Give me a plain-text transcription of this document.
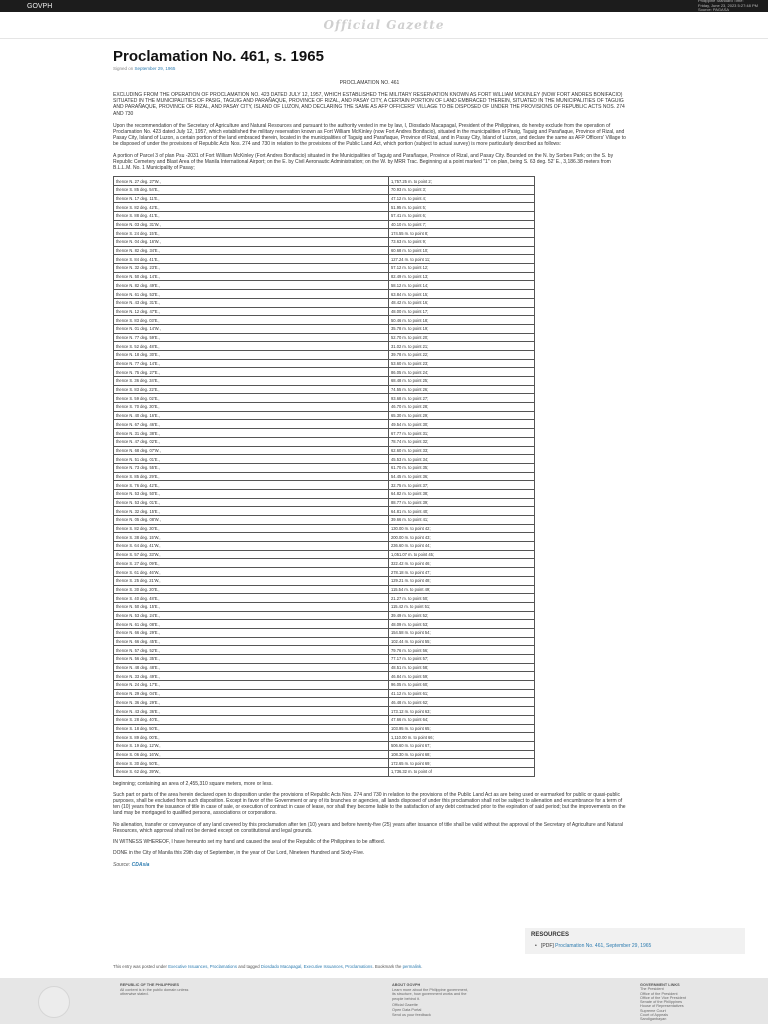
GOVPH
Philippine Standard Time:
Friday, June 23, 2023 5:27:48 PM
Source: PAGASA
Official Gazette
Proclamation No. 461, s. 1965
Signed on September 29, 1965
PROCLAMATION NO. 461

EXCLUDING FROM THE OPERATION OF PROCLAMATION NO. 423 DATED JULY 12, 1957, WHICH ESTABLISHED THE MILITARY RESERVATION KNOWN AS FORT WILLIAM MCKINLEY (NOW FORT ANDRES BONIFACIO) SITUATED IN THE MUNICIPALITIES OF PASIG, TAGUIG AND PARAÑAQUE, PROVINCE OF RIZAL, AND PASAY CITY, A CERTAIN PORTION OF LAND EMBRACED THEREIN, SITUATED IN THE MUNICIPALITIES OF TAGUIG AND PARAÑAQUE, PROVINCE OF RIZAL, AND PASAY CITY, ISLAND OF LUZON, AND DECLARING THE SAME AS AFP OFFICERS' VILLAGE TO BE DISPOSED OF UNDER THE PROVISIONS OF REPUBLIC ACTS NOS. 274 AND 730

Upon the recommendation of the Secretary of Agriculture and Natural Resources and pursuant to the authority vested in me by law, I, Diosdado Macapagal, President of the Philippines, do hereby exclude from the operation of Proclamation No. 423 dated July 12, 1957, which established the military reservation known as Fort William McKinley (now Fort Andres Bonifacio), situated in the municipalities of Pasig, Taguig and Parañaque, Province of Rizal, and Pasay City, Island of Luzon, a certain portion of the land embraced therein, located in the municipalities of Taguig and Parañaque, Province of Rizal, and in Pasay City, Island of Luzon, and declare the same as AFP Officers' Village to be disposed of under the provisions of Republic Acts Nos. 274 and 730 in relation to the provisions of the Public Land Act, which portion (subject to actual survey) is more particularly described as follows:

A portion of Parcel 3 of plan Psu -2031 of Fort William McKinley (Fort Andres Bonifacio) situated in the Municipalities of Taguig and Parañaque, Province of Rizal, and Pasay City. Bounded on the N. by Sorbes Park; on the S. by Republic Cemetery and Blast Area of the Manila International Airport; on the E. by Civil Aeronautic Administration; on the W. by MRR Trac. Beginning at a point marked "1" on plan, being S. 63 deg. 52' E., 3,186.38 meters from B.L.L.M. No. 1 Municipality of Pasay;

thence N. 27 deg. 27'W.,	1,757.25 m. to point 2;
thence S. 85 deg. 54'E.,	70.93 m. to point 3;
thence N. 17 deg. 11'E.,	47.12 m. to point 4;
thence S. 82 deg. 42'E.,	51.95 m. to point 5;
thence S. 88 deg. 41'E.,	57.41 m. to point 6;
thence N. 03 deg. 31'W.,	40.10 m. to point 7;
thence S. 24 deg. 15'E.,	174.55 m. to point 8;
thence N. 04 deg. 16'W.,	73.63 m. to point 9;
thence N. 82 deg. 34'E.,	60.68 m. to point 10;
thence S. 84 deg. 41'E.,	127.24 m. to point 11;
thence N. 32 deg. 23'E.,	57.12 m. to point 12;
thence N. 50 deg. 14'E.,	82.49 m. to point 13;
thence N. 82 deg. 49'E.,	58.12 m. to point 14;
thence N. 61 deg. 53'E.,	63.84 m. to point 15;
thence N. 43 deg. 31'E.,	48.42 m. to point 16;
thence N. 12 deg. 47'E.,	48.00 m. to point 17;
thence S. 83 deg. 03'E.,	50.46 m. to point 18;
thence N. 01 deg. 14'W.,	35.78 m. to point 19;
thence N. 77 deg. 59'E.,	52.70 m. to point 20;
thence S. 52 deg. 48'E.,	31.02 m. to point 21;
thence N. 18 deg. 30'E.,	39.78 m. to point 22;
thence N. 77 deg. 14'E.,	53.60 m. to point 23;
thence N. 75 deg. 27'E.,	86.05 m. to point 24;
thence S. 36 deg. 34'E.,	68.48 m. to point 25;
thence S. 83 deg. 22'E.,	74.55 m. to point 26;
thence S. 59 deg. 02'E.,	93.68 m. to point 27;
thence S. 70 deg. 30'E.,	46.70 m. to point 28;
thence N. 40 deg. 16'E.,	65.30 m. to point 29;
thence N. 67 deg. 46'E.,	49.54 m. to point 30;
thence N. 31 deg. 38'E.,	67.77 m. to point 31;
thence N. 47 deg. 02'E.,	78.74 m. to point 32;
thence N. 68 deg. 07'W.,	62.60 m. to point 33;
thence N. 51 deg. 01'E.,	45.53 m. to point 34;
thence N. 73 deg. 55'E.,	61.70 m. to point 35;
thence S. 85 deg. 29'E.,	54.45 m. to point 36;
thence S. 76 deg. 42'E.,	32.75 m. to point 37;
thence N. 53 deg. 50'E.,	64.82 m. to point 38;
thence N. 53 deg. 01'E.,	88.77 m. to point 39;
thence N. 32 deg. 15'E.,	64.81 m. to point 40;
thence N. 05 deg. 08'W.,	39.66 m. to point 41;
thence S. 82 deg. 30'E.,	130.00 m. to point 42;
thence S. 38 deg. 15'W.,	200.00 m. to point 43;
thence S. 64 deg. 41'W.,	236.60 m. to point 44;
thence S. 57 deg. 33'W.,	1,051.07 m. to point 45;
thence S. 27 deg. 09'E.,	322.42 m. to point 46;
thence S. 61 deg. 46'W.,	278.18 m. to point 47;
thence S. 25 deg. 21'W.,	129.21 m. to point 48;
thence S. 30 deg. 20'E.,	115.54 m. to point 49;
thence S. 40 deg. 48'E.,	21.27 m. to point 50;
thence N. 50 deg. 15'E.,	115.42 m. to point 51;
thence N. 53 deg. 24'E.,	39.49 m. to point 52;
thence N. 61 deg. 08'E.,	48.09 m. to point 53;
thence N. 66 deg. 29'E.,	154.58 m. to point 54;
thence N. 66 deg. 45'E.,	102.44 m. to point 55;
thence N. 57 deg. 52'E.,	79.76 m. to point 56;
thence N. 56 deg. 35'E.,	77.17 m. to point 57;
thence N. 48 deg. 48'E.,	48.51 m. to point 58;
thence N. 33 deg. 49'E.,	46.84 m. to point 59;
thence N. 24 deg. 17'E.,	96.05 m. to point 60;
thence N. 29 deg. 04'E.,	41.12 m. to point 61;
thence N. 36 deg. 29'E.,	46.48 m. to point 62;
thence N. 43 deg. 36'E.,	173.12 m. to point 63;
thence S. 28 deg. 40'E.,	47.66 m. to point 64;
thence S. 18 deg. 50'E.,	103.95 m. to point 65;
thence S. 89 deg. 00'E.,	1,110.00 m. to point 66;
thence S. 19 deg. 12'W.,	506.60 m. to point 67;
thence S. 06 deg. 16'W.,	108.30 m. to point 68;
thence S. 30 deg. 50'E.,	172.65 m. to point 69;
thence S. 62 deg. 39'W.,	1,736.32 m. to point of

beginning; containing an area of 2,455,310 square meters, more or less.

Such part or parts of the area herein declared open to disposition under the provisions of Republic Acts Nos. 274 and 730 in relation to the provisions of the Public Land Act as are being used or earmarked for public or quasi-public purposes, shall be excluded from such disposition. Except in favor of the Government or any of its branches or agencies, all lands disposed of under this proclamation shall not be subject to alienation and encumbrance for a term of ten (10) years from the issuance of title in case of sale, or execution of contract in case of lease, nor shall they become liable to the satisfaction of any debt contracted prior to the expiration of said period; but the improvements on the land may be mortgaged to qualified persons, associations or corporations.

No alienation, transfer or conveyance of any land covered by this proclamation after ten (10) years and before twenty-five (25) years after issuance of title shall be valid without the approval of the Secretary of Agriculture and Natural Resources, which approval shall not be denied except on constitutional and legal grounds.

IN WITNESS WHEREOF, I have hereunto set my hand and caused the seal of the Republic of the Philippines to be affixed.

DONE in the City of Manila this 29th day of September, in the year of Our Lord, Nineteen Hundred and Sixty-Five.

Source: CDAsia
RESOURCES
• [PDF] Proclamation No. 461, September 29, 1965
This entry was posted under Executive Issuances, Proclamations and tagged Diosdado Macapagal, Executive Issuances, Proclamations. Bookmark the permalink.
REPUBLIC OF THE PHILIPPINES
All content is in the public domain unless
otherwise stated.
ABOUT GOVPH
Learn more about the Philippine government,
its structure, how government works and the
people behind it.
Official Gazette
Open Data Portal
Send us your feedback
GOVERNMENT LINKS
The President
Office of the President
Office of the Vice President
Senate of the Philippines
House of Representatives
Supreme Court
Court of Appeals
Sandiganbayan
